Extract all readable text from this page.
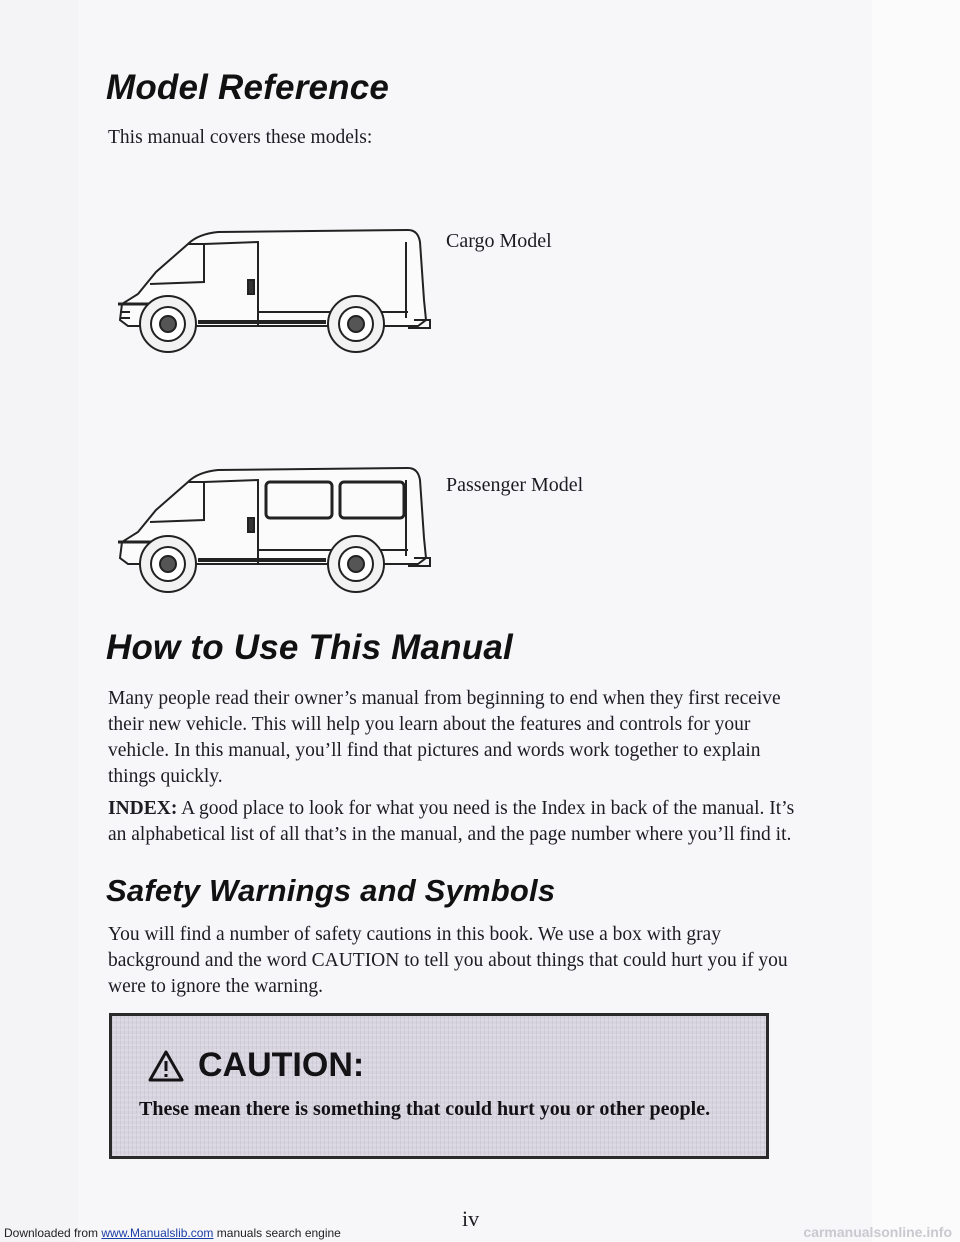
Model Reference

This manual covers these models:

Cargo Model

Passenger Model

How to Use This Manual

Many people read their owner’s manual from beginning to end when they first receive their new vehicle. This will help you learn about the features and controls for your vehicle. In this manual, you’ll find that pictures and words work together to explain things quickly.

INDEX: A good place to look for what you need is the Index in back of the manual. It’s an alphabetical list of all that’s in the manual, and the page number where you’ll find it.

Safety Warnings and Symbols

You will find a number of safety cautions in this book. We use a box with gray background and the word CAUTION to tell you about things that could hurt you if you were to ignore the warning.

CAUTION:
These mean there is something that could hurt you or other people.
iv
Downloaded from www.Manualslib.com manuals search engine	carmanualsonline.info
